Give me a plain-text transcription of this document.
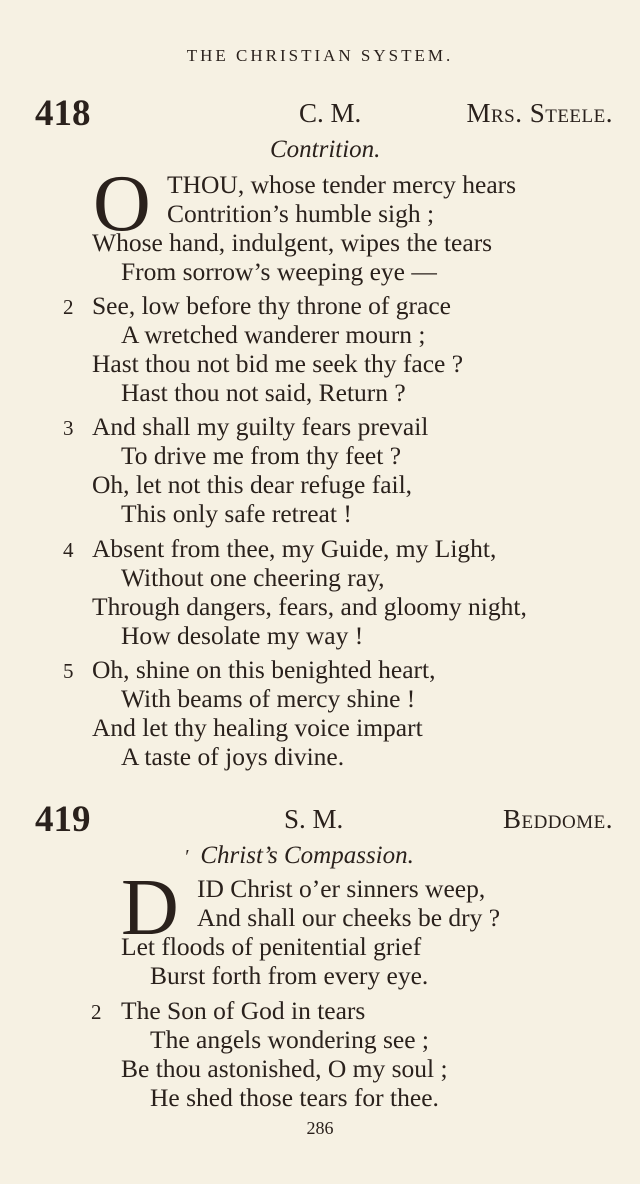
THE CHRISTIAN SYSTEM.
418	C. M.	Mrs. Steele.
Contrition.
O THOU, whose tender mercy hears
Contrition’s humble sigh ;
Whose hand, indulgent, wipes the tears
From sorrow’s weeping eye —
2 See, low before thy throne of grace
A wretched wanderer mourn ;
Hast thou not bid me seek thy face ?
Hast thou not said, Return ?
3 And shall my guilty fears prevail
To drive me from thy feet ?
Oh, let not this dear refuge fail,
This only safe retreat !
4 Absent from thee, my Guide, my Light,
Without one cheering ray,
Through dangers, fears, and gloomy night,
How desolate my way !
5 Oh, shine on this benighted heart,
With beams of mercy shine !
And let thy healing voice impart
A taste of joys divine.
419	S. M.	Beddome.
′ Christ’s Compassion.
D ID Christ o’er sinners weep,
And shall our cheeks be dry ?
Let floods of penitential grief
Burst forth from every eye.
2 The Son of God in tears
The angels wondering see ;
Be thou astonished, O my soul ;
He shed those tears for thee.
286
